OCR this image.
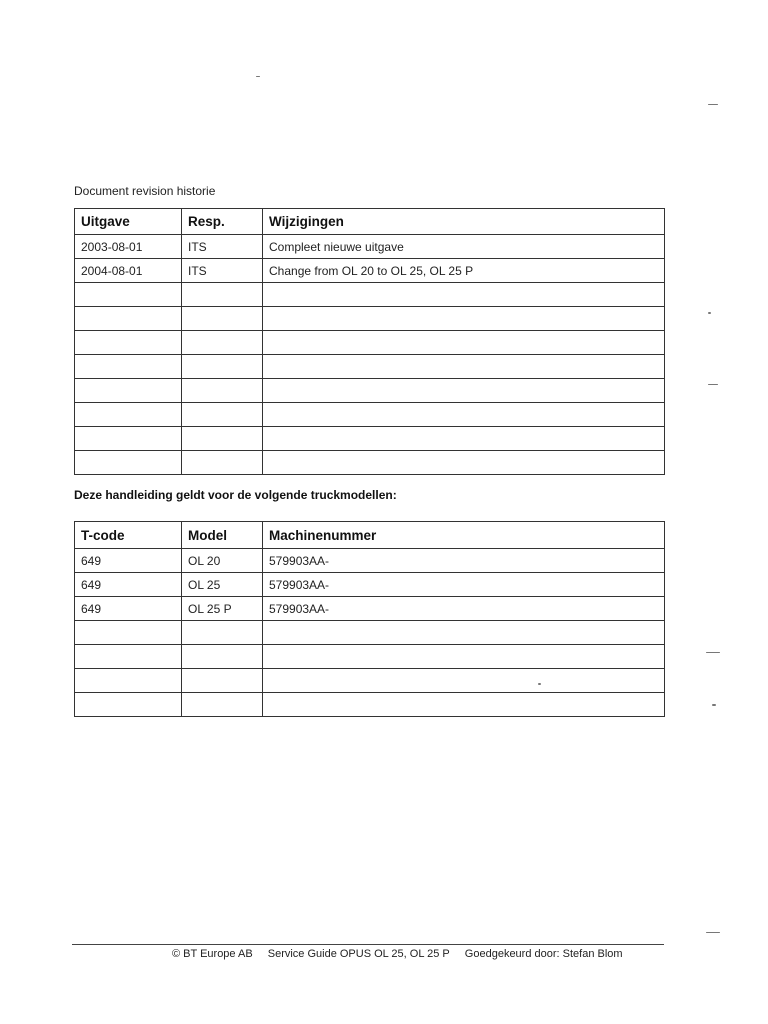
Document revision historie
Uitgave	Resp.	Wijzigingen
2003-08-01	ITS	Compleet nieuwe uitgave
2004-08-01	ITS	Change from OL 20 to OL 25, OL 25 P

Deze handleiding geldt voor de volgende truckmodellen:
T-code	Model	Machinenummer
649	OL 20	579903AA-
649	OL 25	579903AA-
649	OL 25 P	579903AA-

© BT Europe AB Service Guide OPUS OL 25, OL 25 P Goedgekeurd door: Stefan Blom
